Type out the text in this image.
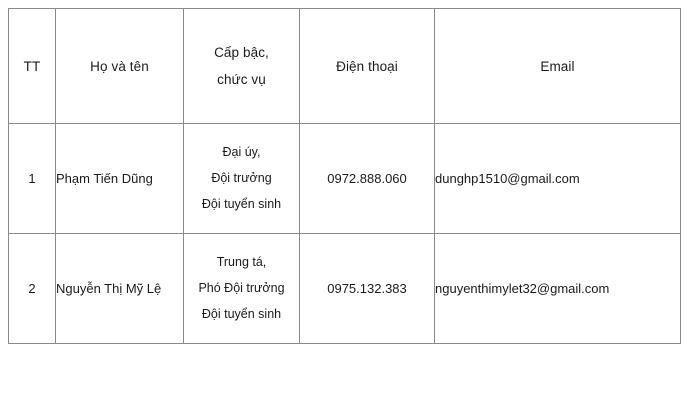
TT	Họ và tên	Cấp bậc,
chức vụ	Điện thoại	Email

1	Phạm Tiến Dũng	Đại úy,
Đội trưởng
Đội tuyển sinh	0972.888.060	dunghp1510@gmail.com
2	Nguyễn Thị Mỹ Lệ	Trung tá,
Phó Đội trưởng
Đội tuyển sinh	0975.132.383	nguyenthimylet32@gmail.com
